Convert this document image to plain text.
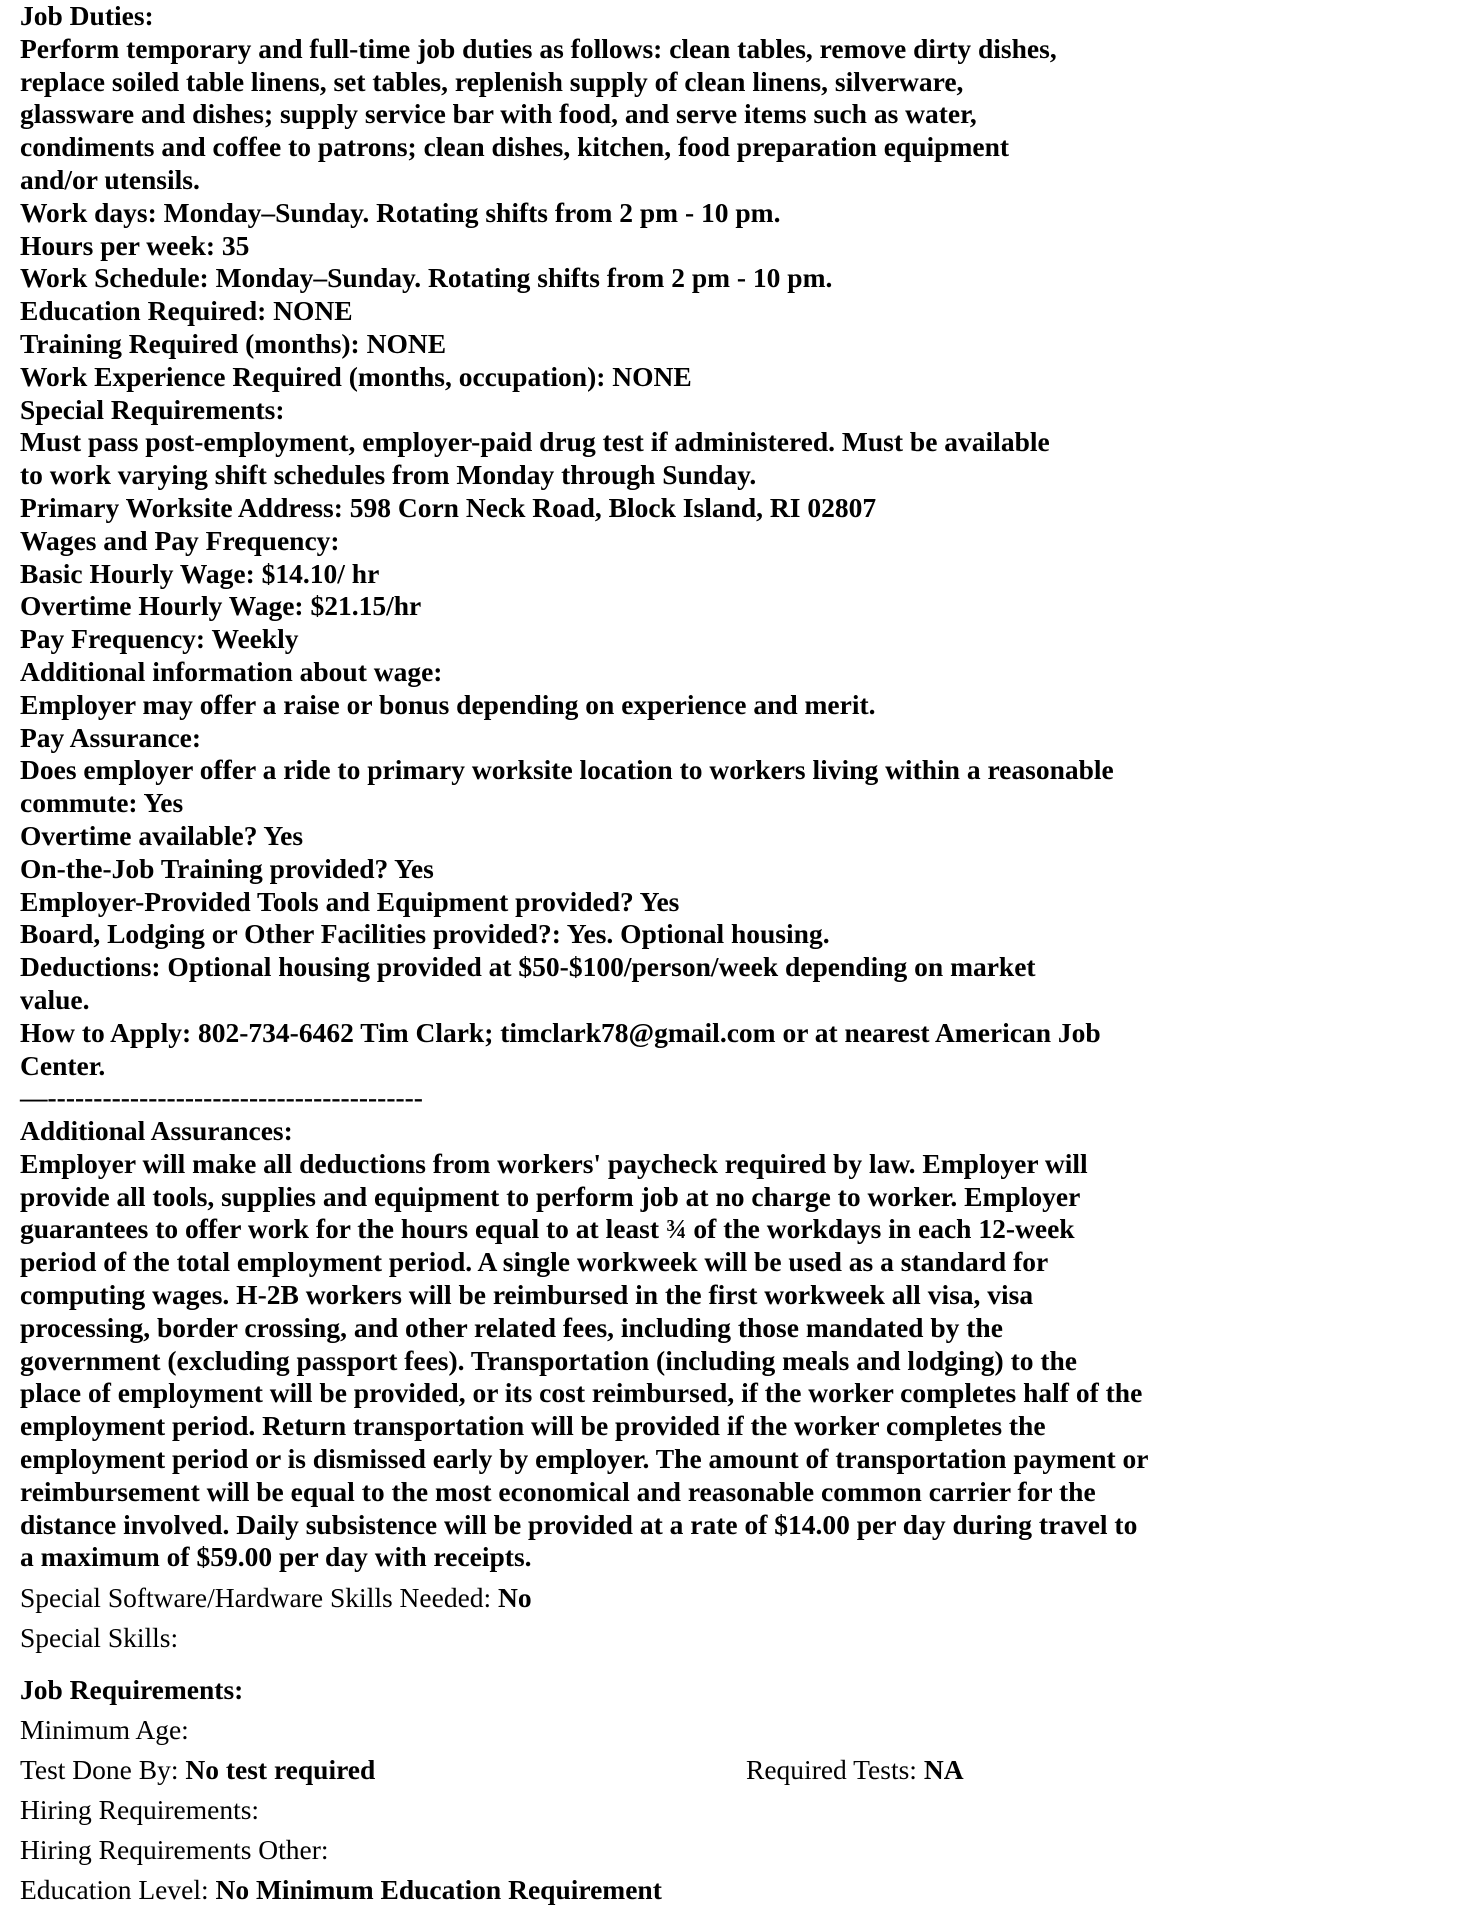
Job Duties:

Perform temporary and full-time job duties as follows: clean tables, remove dirty dishes,
replace soiled table linens, set tables, replenish supply of clean linens, silverware,
glassware and dishes; supply service bar with food, and serve items such as water,
condiments and coffee to patrons; clean dishes, kitchen, food preparation equipment
and/or utensils.

Work days: Monday–Sunday. Rotating shifts from 2 pm - 10 pm.

Hours per week: 35

Work Schedule: Monday–Sunday. Rotating shifts from 2 pm - 10 pm.

Education Required: NONE

Training Required (months): NONE

Work Experience Required (months, occupation): NONE

Special Requirements:

Must pass post-employment, employer-paid drug test if administered. Must be available
to work varying shift schedules from Monday through Sunday.

Primary Worksite Address: 598 Corn Neck Road, Block Island, RI 02807

Wages and Pay Frequency:

Basic Hourly Wage: $14.10/ hr

Overtime Hourly Wage: $21.15/hr

Pay Frequency: Weekly

Additional information about wage:

Employer may offer a raise or bonus depending on experience and merit.

Pay Assurance:

Does employer offer a ride to primary worksite location to workers living within a reasonable
commute: Yes

Overtime available? Yes

On-the-Job Training provided? Yes

Employer-Provided Tools and Equipment provided? Yes

Board, Lodging or Other Facilities provided?: Yes. Optional housing.

Deductions: Optional housing provided at $50-$100/person/week depending on market
value.

How to Apply: 802-734-6462 Tim Clark; timclark78@gmail.com or at nearest American Job
Center.

—-----------------------------------------

Additional Assurances:

Employer will make all deductions from workers' paycheck required by law. Employer will
provide all tools, supplies and equipment to perform job at no charge to worker. Employer
guarantees to offer work for the hours equal to at least ¾ of the workdays in each 12-week
period of the total employment period. A single workweek will be used as a standard for
computing wages. H-2B workers will be reimbursed in the first workweek all visa, visa
processing, border crossing, and other related fees, including those mandated by the
government (excluding passport fees). Transportation (including meals and lodging) to the
place of employment will be provided, or its cost reimbursed, if the worker completes half of the
employment period. Return transportation will be provided if the worker completes the
employment period or is dismissed early by employer. The amount of transportation payment or
reimbursement will be equal to the most economical and reasonable common carrier for the
distance involved. Daily subsistence will be provided at a rate of $14.00 per day during travel to
a maximum of $59.00 per day with receipts.

Special Software/Hardware Skills Needed: No
Special Skills:
Job Requirements:
Minimum Age:
Test Done By: No test required	Required Tests: NA
Hiring Requirements:
Hiring Requirements Other:
Education Level: No Minimum Education Requirement
